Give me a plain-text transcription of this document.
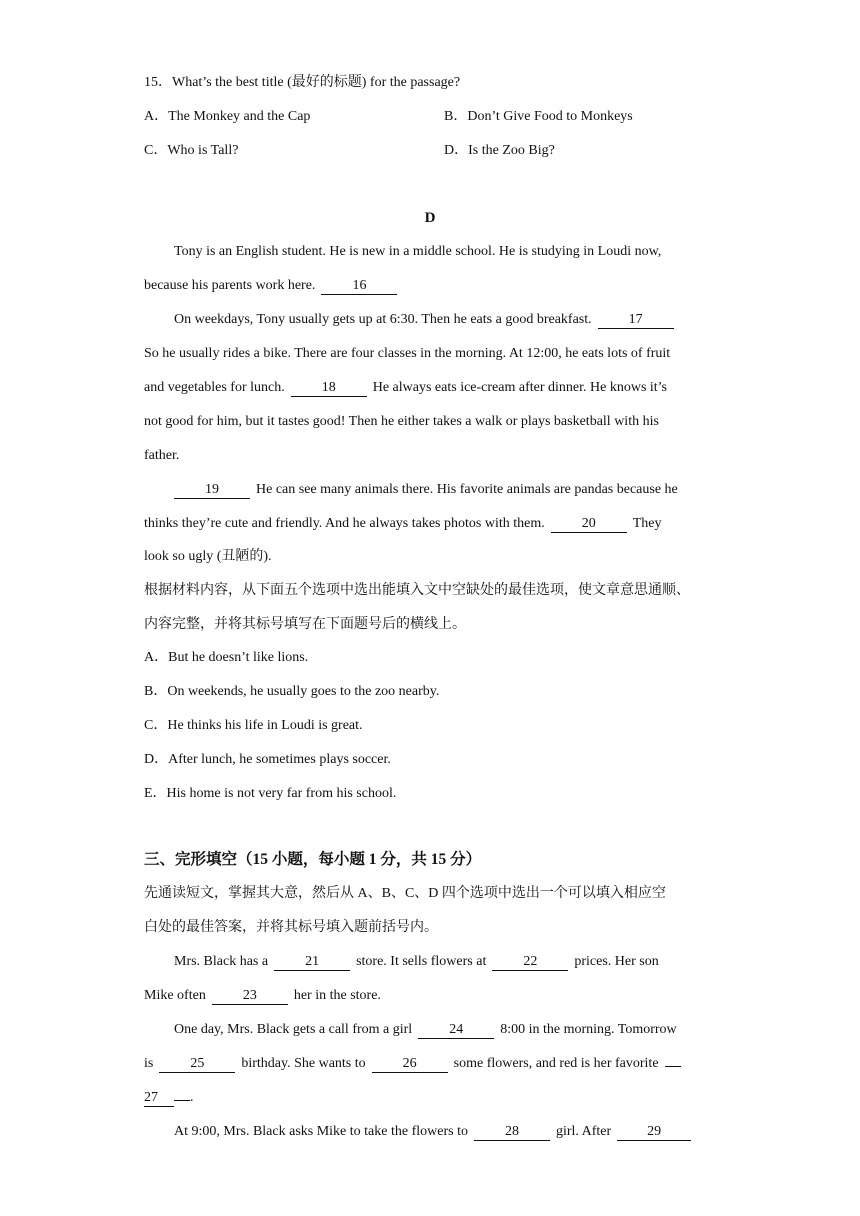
15．What’s the best title (最好的标题) for the passage?
A．The Monkey and the Cap	B．Don’t Give Food to Monkeys
C．Who is Tall?	D．Is the Zoo Big?
D
Tony is an English student. He is new in a middle school. He is studying in Loudi now,
because his parents work here.	16
On weekdays, Tony usually gets up at 6:30. Then he eats a good breakfast.	17
So he usually rides a bike. There are four classes in the morning. At 12:00, he eats lots of fruit
and vegetables for lunch.	18	He always eats ice-cream after dinner. He knows it’s
not good for him, but it tastes good! Then he either takes a walk or plays basketball with his
father.
19	He can see many animals there. His favorite animals are pandas because he
thinks they’re cute and friendly. And he always takes photos with them.	20	They
look so ugly (丑陋的).
根据材料内容，从下面五个选项中选出能填入文中空缺处的最佳选项，使文章意思通顺、
内容完整，并将其标号填写在下面题号后的横线上。
A．But he doesn’t like lions.
B．On weekends, he usually goes to the zoo nearby.
C．He thinks his life in Loudi is great.
D．After lunch, he sometimes plays soccer.
E．His home is not very far from his school.
三、完形填空（15 小题，每小题 1 分，共 15 分）
先通读短文，掌握其大意，然后从 A、B、C、D 四个选项中选出一个可以填入相应空
白处的最佳答案，并将其标号填入题前括号内。
Mrs. Black has a	21	store. It sells flowers at	22	prices. Her son
Mike often	23	her in the store.
One day, Mrs. Black gets a call from a girl	24	8:00 in the morning. Tomorrow
is	25	birthday. She wants to	26	some flowers, and red is her favorite
27 .
At 9:00, Mrs. Black asks Mike to take the flowers to	28	girl. After	29
